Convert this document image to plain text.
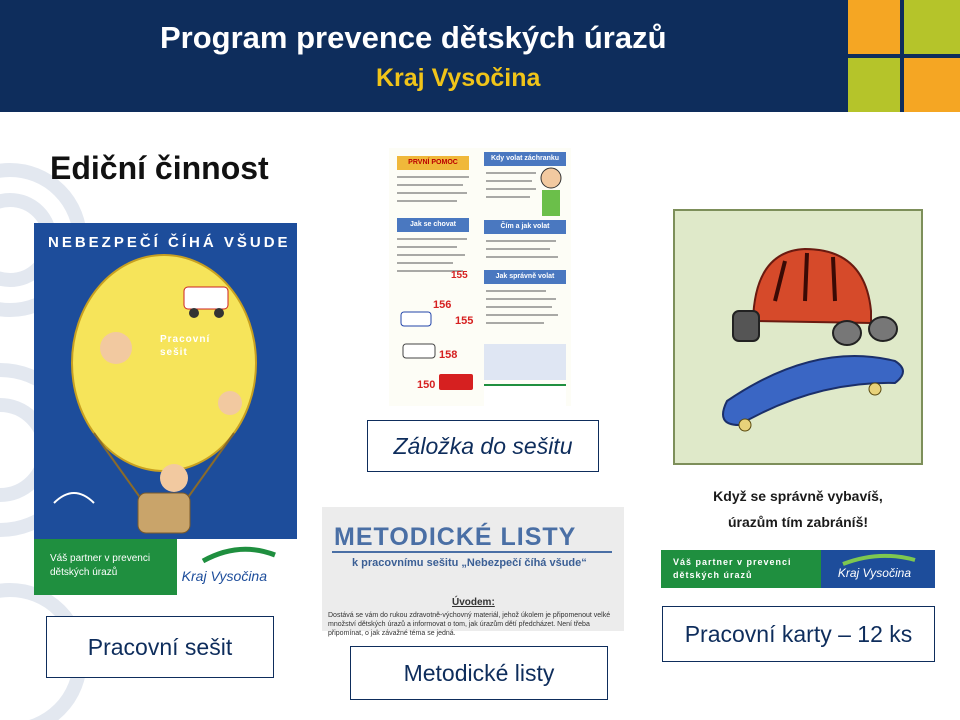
Program prevence dětských úrazů
Kraj Vysočina
Ediční činnost
NEBEZPEČÍ ČÍHÁ VŠUDE
Pracovní
sešit
Váš partner v prevenci dětských úrazů	Kraj Vysočina
Pracovní sešit
PRVNÍ POMOC
Jak se chovat
156
155
158
150
Kdy volat záchranku
Čím a jak volat
Jak správně volat
155
Záložka do sešitu
METODICKÉ LISTY
k pracovnímu sešitu „Nebezpečí číhá všude“
Úvodem:
Dostává se vám do rukou zdravotně-výchovný materiál, jehož úkolem je připomenout velké množství dětských úrazů a informovat o tom, jak úrazům dětí předcházet. Není třeba připomínat, o jak závažné téma se jedná.
Metodické listy
Když se správně vybavíš,
úrazům tím zabráníš!
Váš partner v prevenci
dětských úrazů	Kraj Vysočina
Pracovní karty – 12 ks
